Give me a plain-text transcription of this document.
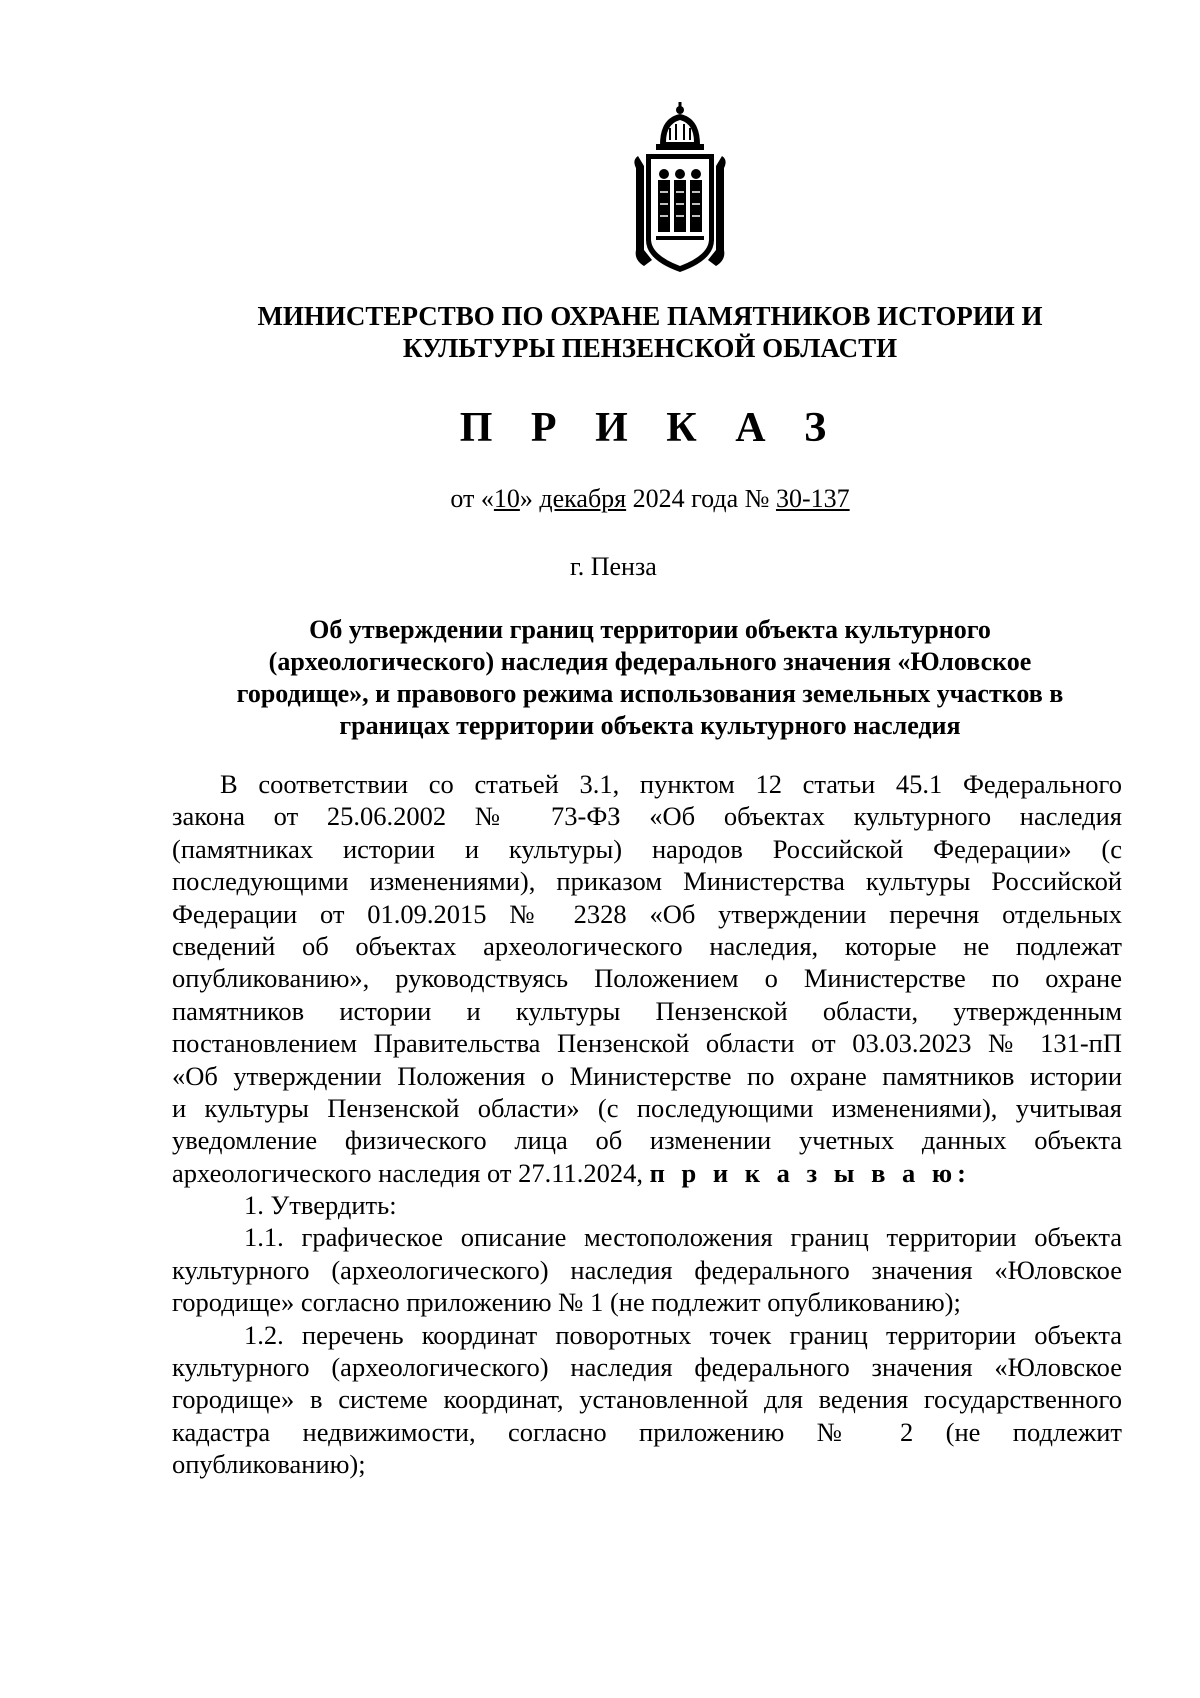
МИНИСТЕРСТВО ПО ОХРАНЕ ПАМЯТНИКОВ ИСТОРИИ И
КУЛЬТУРЫ ПЕНЗЕНСКОЙ ОБЛАСТИ
П Р И К А З
от «10» декабря 2024 года № 30-137
г. Пенза
Об утверждении границ территории объекта культурного
(археологического) наследия федерального значения «Юловское
городище», и правового режима использования земельных участков в
границах территории объекта культурного наследия
В соответствии со статьей 3.1, пунктом 12 статьи 45.1 Федерального
закона от 25.06.2002 № 73-ФЗ «Об объектах культурного наследия
(памятниках истории и культуры) народов Российской Федерации» (с
последующими изменениями), приказом Министерства культуры Российской
Федерации от 01.09.2015 № 2328 «Об утверждении перечня отдельных
сведений об объектах археологического наследия, которые не подлежат
опубликованию», руководствуясь Положением о Министерстве по охране
памятников истории и культуры Пензенской области, утвержденным
постановлением Правительства Пензенской области от 03.03.2023 № 131-пП
«Об утверждении Положения о Министерстве по охране памятников истории
и культуры Пензенской области» (с последующими изменениями), учитывая
уведомление физического лица об изменении учетных данных объекта
археологического наследия от 27.11.2024, п р и к а з ы в а ю:
1. Утвердить:
1.1. графическое описание местоположения границ территории объекта
культурного (археологического) наследия федерального значения «Юловское
городище» согласно приложению № 1 (не подлежит опубликованию);
1.2. перечень координат поворотных точек границ территории объекта
культурного (археологического) наследия федерального значения «Юловское
городище» в системе координат, установленной для ведения государственного
кадастра недвижимости, согласно приложению № 2 (не подлежит
опубликованию);
